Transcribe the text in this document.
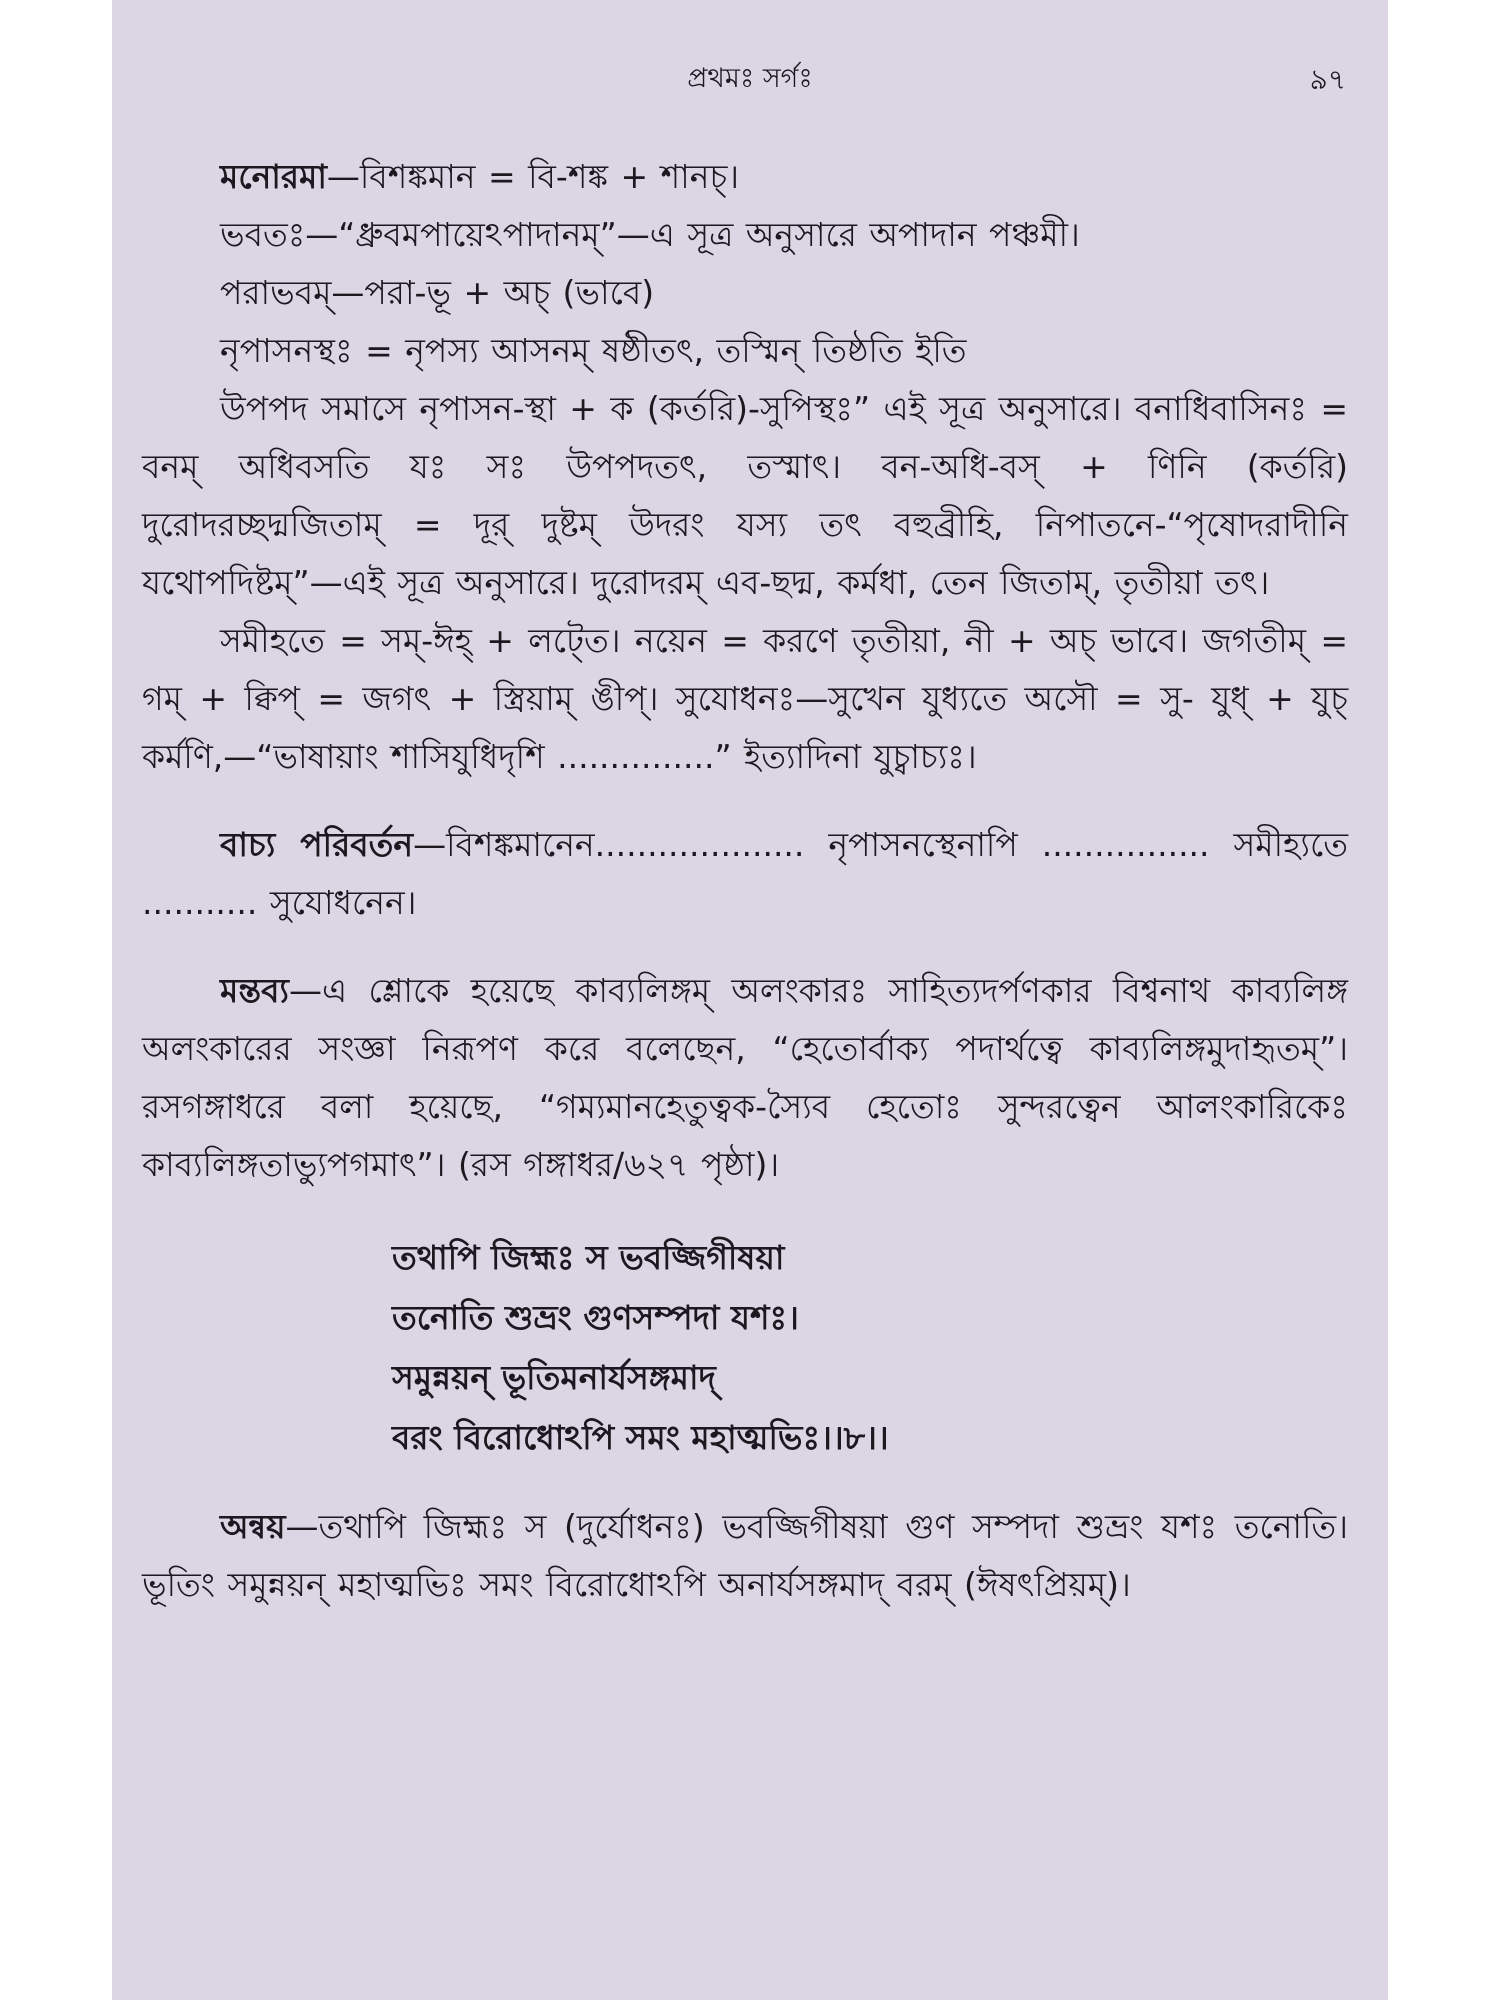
প্রথমঃ সর্গঃ	৯৭

মনোরমা—বিশঙ্কমান = বি-শঙ্ক + শানচ্।

ভবতঃ—“ধ্রুবমপায়েঽপাদানম্”—এ সূত্র অনুসারে অপাদান পঞ্চমী।

পরাভবম্—পরা-ভূ + অচ্ (ভাবে)

নৃপাসনস্থঃ = নৃপস্য আসনম্ ষষ্ঠীতৎ, তস্মিন্ তিষ্ঠতি ইতি

উপপদ সমাসে নৃপাসন-স্থা + ক (কর্তরি)-সুপিস্থঃ” এই সূত্র অনুসারে। বনাধিবাসিনঃ = বনম্ অধিবসতি যঃ সঃ উপপদতৎ, তস্মাৎ। বন-অধি-বস্ + ণিনি (কর্তরি) দুরোদরচ্ছদ্মজিতাম্ = দূর্ দুষ্টম্ উদরং যস্য তৎ বহুব্রীহি, নিপাতনে-“পৃষোদরাদীনি যথোপদিষ্টম্”—এই সূত্র অনুসারে। দুরোদরম্ এব-ছদ্ম, কর্মধা, তেন জিতাম্, তৃতীয়া তৎ।

সমীহতে = সম্-ঈহ্ + লট্তে। নয়েন = করণে তৃতীয়া, নী + অচ্ ভাবে। জগতীম্ = গম্ + ক্বিপ্ = জগৎ + স্ত্রিয়াম্ ঙীপ্। সুযোধনঃ—সুখেন যুধ্যতে অসৌ = সু- যুধ্ + যুচ্ কর্মণি,—“ভাষায়াং শাসিযুধিদৃশি ...............” ইত্যাদিনা যুচ্বাচ্যঃ।

বাচ্য পরিবর্তন—বিশঙ্কমানেন.................... নৃপাসনস্থেনাপি ................ সমীহ্যতে ........... সুযোধনেন।

মন্তব্য—এ শ্লোকে হয়েছে কাব্যলিঙ্গম্ অলংকারঃ সাহিত্যদর্পণকার বিশ্বনাথ কাব্যলিঙ্গ অলংকারের সংজ্ঞা নিরূপণ করে বলেছেন, “হেতোর্বাক্য পদার্থত্বে কাব্যলিঙ্গমুদাহৃতম্”। রসগঙ্গাধরে বলা হয়েছে, “গম্যমানহেতুত্বক-স্যৈব হেতোঃ সুন্দরত্বেন আলংকারিকেঃ কাব্যলিঙ্গতাভ্যুপগমাৎ”। (রস গঙ্গাধর/৬২৭ পৃষ্ঠা)।

তথাপি জিহ্মঃ স ভবজ্জিগীষয়া
তনোতি শুভ্রং গুণসম্পদা যশঃ।
সমুন্নয়ন্ ভূতিমনার্যসঙ্গমাদ্
বরং বিরোধোঽপি সমং মহাত্মভিঃ।।৮।।

অন্বয়—তথাপি জিহ্মঃ স (দুর্যোধনঃ) ভবজ্জিগীষয়া গুণ সম্পদা শুভ্রং যশঃ তনোতি। ভূতিং সমুন্নয়ন্ মহাত্মভিঃ সমং বিরোধোঽপি অনার্যসঙ্গমাদ্ বরম্ (ঈষৎপ্রিয়ম্)।
